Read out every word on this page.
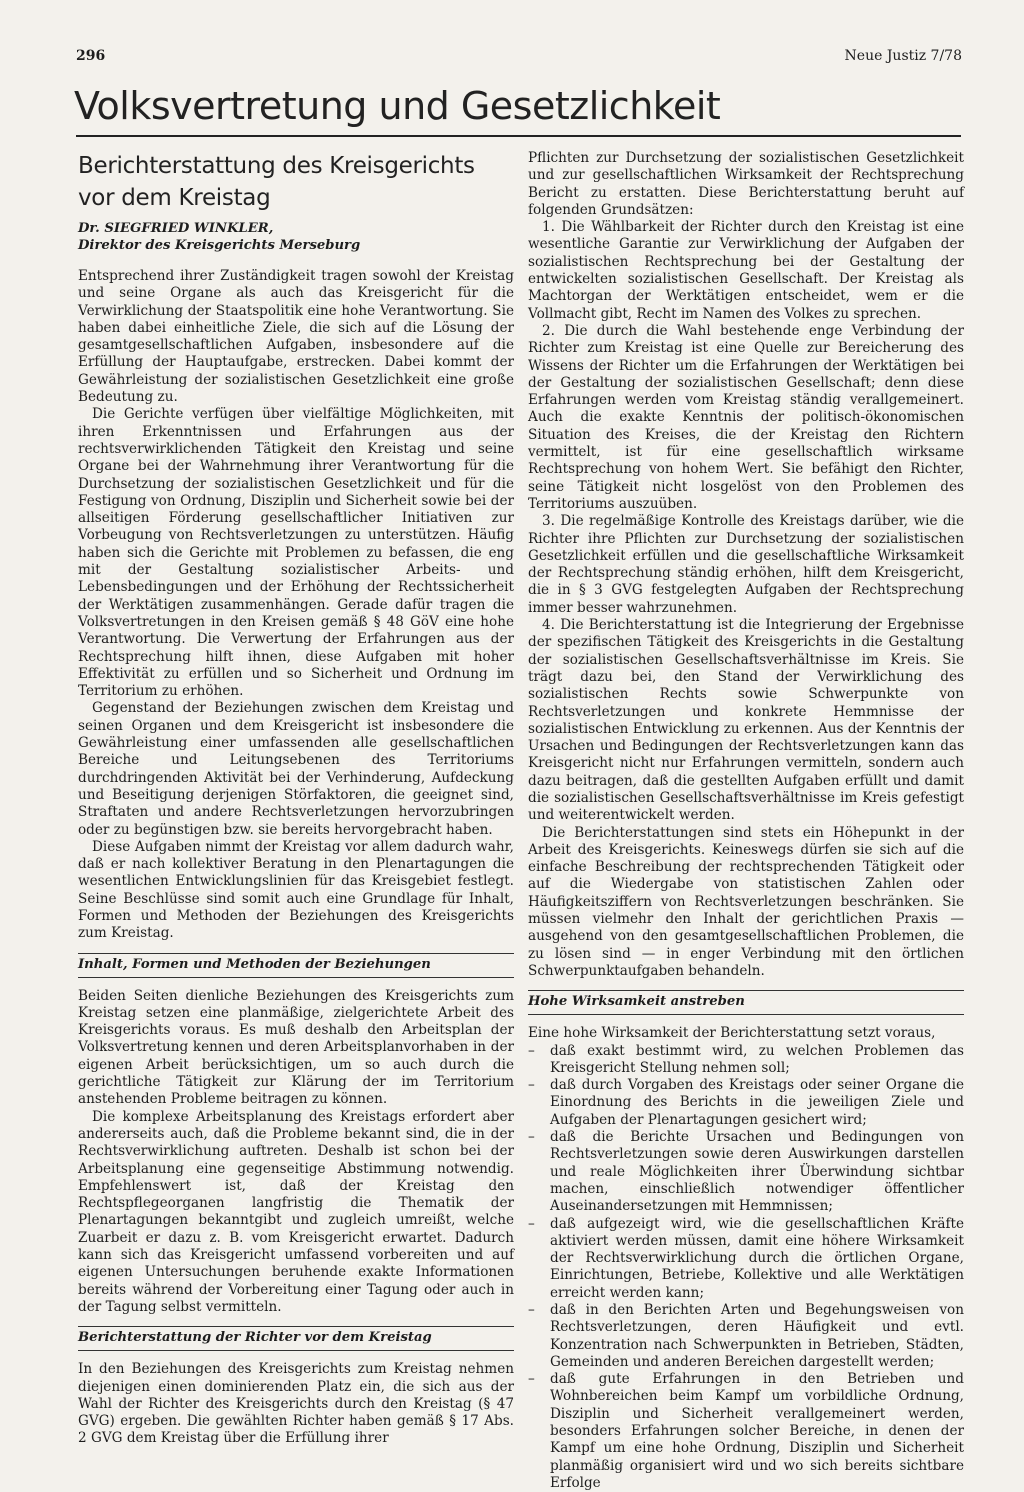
296	Neue Justiz 7/78
Volksvertretung und Gesetzlichkeit
Berichterstattung des Kreisgerichts
vor dem Kreistag
Dr. SIEGFRIED WINKLER,
Direktor des Kreisgerichts Merseburg

Entsprechend ihrer Zuständigkeit tragen sowohl der Kreistag und seine Organe als auch das Kreisgericht für die Verwirklichung der Staatspolitik eine hohe Verantwortung. Sie haben dabei einheitliche Ziele, die sich auf die Lösung der gesamtgesellschaftlichen Aufgaben, insbesondere auf die Erfüllung der Hauptaufgabe, erstrecken. Dabei kommt der Gewährleistung der sozialistischen Gesetzlichkeit eine große Bedeutung zu.

Die Gerichte verfügen über vielfältige Möglichkeiten, mit ihren Erkenntnissen und Erfahrungen aus der rechtsverwirklichenden Tätigkeit den Kreistag und seine Organe bei der Wahrnehmung ihrer Verantwortung für die Durchsetzung der sozialistischen Gesetzlichkeit und für die Festigung von Ordnung, Disziplin und Sicherheit sowie bei der allseitigen Förderung gesellschaftlicher Initiativen zur Vorbeugung von Rechtsverletzungen zu unterstützen. Häufig haben sich die Gerichte mit Problemen zu befassen, die eng mit der Gestaltung sozialistischer Arbeits- und Lebensbedingungen und der Erhöhung der Rechtssicherheit der Werktätigen zusammenhängen. Gerade dafür tragen die Volksvertretungen in den Kreisen gemäß § 48 GöV eine hohe Verantwortung. Die Verwertung der Erfahrungen aus der Rechtsprechung hilft ihnen, diese Aufgaben mit hoher Effektivität zu erfüllen und so Sicherheit und Ordnung im Territorium zu erhöhen.

Gegenstand der Beziehungen zwischen dem Kreistag und seinen Organen und dem Kreisgericht ist insbesondere die Gewährleistung einer umfassenden alle gesellschaftlichen Bereiche und Leitungsebenen des Territoriums durchdringenden Aktivität bei der Verhinderung, Aufdeckung und Beseitigung derjenigen Störfaktoren, die geeignet sind, Straftaten und andere Rechtsverletzungen hervorzubringen oder zu begünstigen bzw. sie bereits hervorgebracht haben.

Diese Aufgaben nimmt der Kreistag vor allem dadurch wahr, daß er nach kollektiver Beratung in den Plenartagungen die wesentlichen Entwicklungslinien für das Kreisgebiet festlegt. Seine Beschlüsse sind somit auch eine Grundlage für Inhalt, Formen und Methoden der Beziehungen des Kreisgerichts zum Kreistag.

Inhalt, Formen und Methoden der Beziehungen

Beiden Seiten dienliche Beziehungen des Kreisgerichts zum Kreistag setzen eine planmäßige, zielgerichtete Arbeit des Kreisgerichts voraus. Es muß deshalb den Arbeitsplan der Volksvertretung kennen und deren Arbeitsplanvorhaben in der eigenen Arbeit berücksichtigen, um so auch durch die gerichtliche Tätigkeit zur Klärung der im Territorium anstehenden Probleme beitragen zu können.

Die komplexe Arbeitsplanung des Kreistags erfordert aber andererseits auch, daß die Probleme bekannt sind, die in der Rechtsverwirklichung auftreten. Deshalb ist schon bei der Arbeitsplanung eine gegenseitige Abstimmung notwendig. Empfehlenswert ist, daß der Kreistag den Rechtspflegeorganen langfristig die Thematik der Plenartagungen bekanntgibt und zugleich umreißt, welche Zuarbeit er dazu z. B. vom Kreisgericht erwartet. Dadurch kann sich das Kreisgericht umfassend vorbereiten und auf eigenen Untersuchungen beruhende exakte Informationen bereits während der Vorbereitung einer Tagung oder auch in der Tagung selbst vermitteln.

Berichterstattung der Richter vor dem Kreistag

In den Beziehungen des Kreisgerichts zum Kreistag nehmen diejenigen einen dominierenden Platz ein, die sich aus der Wahl der Richter des Kreisgerichts durch den Kreistag (§ 47 GVG) ergeben. Die gewählten Richter haben gemäß § 17 Abs. 2 GVG dem Kreistag über die Erfüllung ihrer

Pflichten zur Durchsetzung der sozialistischen Gesetzlichkeit und zur gesellschaftlichen Wirksamkeit der Rechtsprechung Bericht zu erstatten. Diese Berichterstattung beruht auf folgenden Grundsätzen:

1. Die Wählbarkeit der Richter durch den Kreistag ist eine wesentliche Garantie zur Verwirklichung der Aufgaben der sozialistischen Rechtsprechung bei der Gestaltung der entwickelten sozialistischen Gesellschaft. Der Kreistag als Machtorgan der Werktätigen entscheidet, wem er die Vollmacht gibt, Recht im Namen des Volkes zu sprechen.

2. Die durch die Wahl bestehende enge Verbindung der Richter zum Kreistag ist eine Quelle zur Bereicherung des Wissens der Richter um die Erfahrungen der Werktätigen bei der Gestaltung der sozialistischen Gesellschaft; denn diese Erfahrungen werden vom Kreistag ständig verallgemeinert. Auch die exakte Kenntnis der politisch-ökonomischen Situation des Kreises, die der Kreistag den Richtern vermittelt, ist für eine gesellschaftlich wirksame Rechtsprechung von hohem Wert. Sie befähigt den Richter, seine Tätigkeit nicht losgelöst von den Problemen des Territoriums auszuüben.

3. Die regelmäßige Kontrolle des Kreistags darüber, wie die Richter ihre Pflichten zur Durchsetzung der sozialistischen Gesetzlichkeit erfüllen und die gesellschaftliche Wirksamkeit der Rechtsprechung ständig erhöhen, hilft dem Kreisgericht, die in § 3 GVG festgelegten Aufgaben der Rechtsprechung immer besser wahrzunehmen.

4. Die Berichterstattung ist die Integrierung der Ergebnisse der spezifischen Tätigkeit des Kreisgerichts in die Gestaltung der sozialistischen Gesellschaftsverhältnisse im Kreis. Sie trägt dazu bei, den Stand der Verwirklichung des sozialistischen Rechts sowie Schwerpunkte von Rechtsverletzungen und konkrete Hemmnisse der sozialistischen Entwicklung zu erkennen. Aus der Kenntnis der Ursachen und Bedingungen der Rechtsverletzungen kann das Kreisgericht nicht nur Erfahrungen vermitteln, sondern auch dazu beitragen, daß die gestellten Aufgaben erfüllt und damit die sozialistischen Gesellschaftsverhältnisse im Kreis gefestigt und weiterentwickelt werden.

Die Berichterstattungen sind stets ein Höhepunkt in der Arbeit des Kreisgerichts. Keineswegs dürfen sie sich auf die einfache Beschreibung der rechtsprechenden Tätigkeit oder auf die Wiedergabe von statistischen Zahlen oder Häufigkeitsziffern von Rechtsverletzungen beschränken. Sie müssen vielmehr den Inhalt der gerichtlichen Praxis — ausgehend von den gesamtgesellschaftlichen Problemen, die zu lösen sind — in enger Verbindung mit den örtlichen Schwerpunktaufgaben behandeln.

Hohe Wirksamkeit anstreben

Eine hohe Wirksamkeit der Berichterstattung setzt voraus,

– daß exakt bestimmt wird, zu welchen Problemen das Kreisgericht Stellung nehmen soll;
– daß durch Vorgaben des Kreistags oder seiner Organe die Einordnung des Berichts in die jeweiligen Ziele und Aufgaben der Plenartagungen gesichert wird;
– daß die Berichte Ursachen und Bedingungen von Rechtsverletzungen sowie deren Auswirkungen darstellen und reale Möglichkeiten ihrer Überwindung sichtbar machen, einschließlich notwendiger öffentlicher Auseinandersetzungen mit Hemmnissen;
– daß aufgezeigt wird, wie die gesellschaftlichen Kräfte aktiviert werden müssen, damit eine höhere Wirksamkeit der Rechtsverwirklichung durch die örtlichen Organe, Einrichtungen, Betriebe, Kollektive und alle Werktätigen erreicht werden kann;
– daß in den Berichten Arten und Begehungsweisen von Rechtsverletzungen, deren Häufigkeit und evtl. Konzentration nach Schwerpunkten in Betrieben, Städten, Gemeinden und anderen Bereichen dargestellt werden;
– daß gute Erfahrungen in den Betrieben und Wohnbereichen beim Kampf um vorbildliche Ordnung, Disziplin und Sicherheit verallgemeinert werden, besonders Erfahrungen solcher Bereiche, in denen der Kampf um eine hohe Ordnung, Disziplin und Sicherheit planmäßig organisiert wird und wo sich bereits sichtbare Erfolge
